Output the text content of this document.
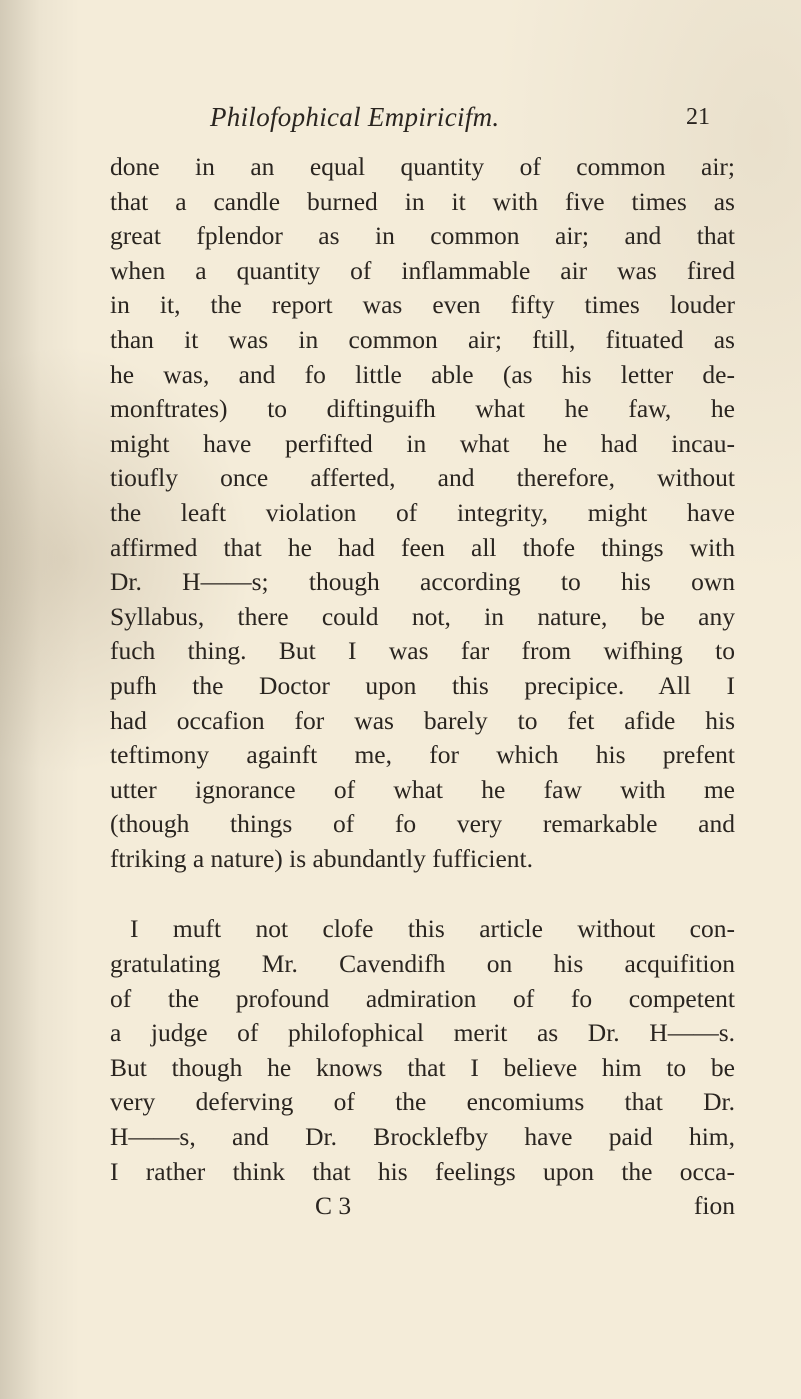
Philofophical Empiricifm.	21
done in an equal quantity of common air;
that a candle burned in it with five times as
great fplendor as in common air; and that
when a quantity of inflammable air was fired
in it, the report was even fifty times louder
than it was in common air; ftill, fituated as
he was, and fo little able (as his letter de-
monftrates) to diftinguifh what he faw, he
might have perfifted in what he had incau-
tioufly once afferted, and therefore, without
the leaft violation of integrity, might have
affirmed that he had feen all thofe things with
Dr. H——s; though according to his own
Syllabus, there could not, in nature, be any
fuch thing. But I was far from wifhing to
pufh the Doctor upon this precipice. All I
had occafion for was barely to fet afide his
teftimony againft me, for which his prefent
utter ignorance of what he faw with me
(though things of fo very remarkable and
ftriking a nature) is abundantly fufficient.
I muft not clofe this article without con-
gratulating Mr. Cavendifh on his acquifition
of the profound admiration of fo competent
a judge of philofophical merit as Dr. H——s.
But though he knows that I believe him to be
very deferving of the encomiums that Dr.
H——s, and Dr. Brocklefby have paid him,
I rather think that his feelings upon the occa-
C 3	fion
